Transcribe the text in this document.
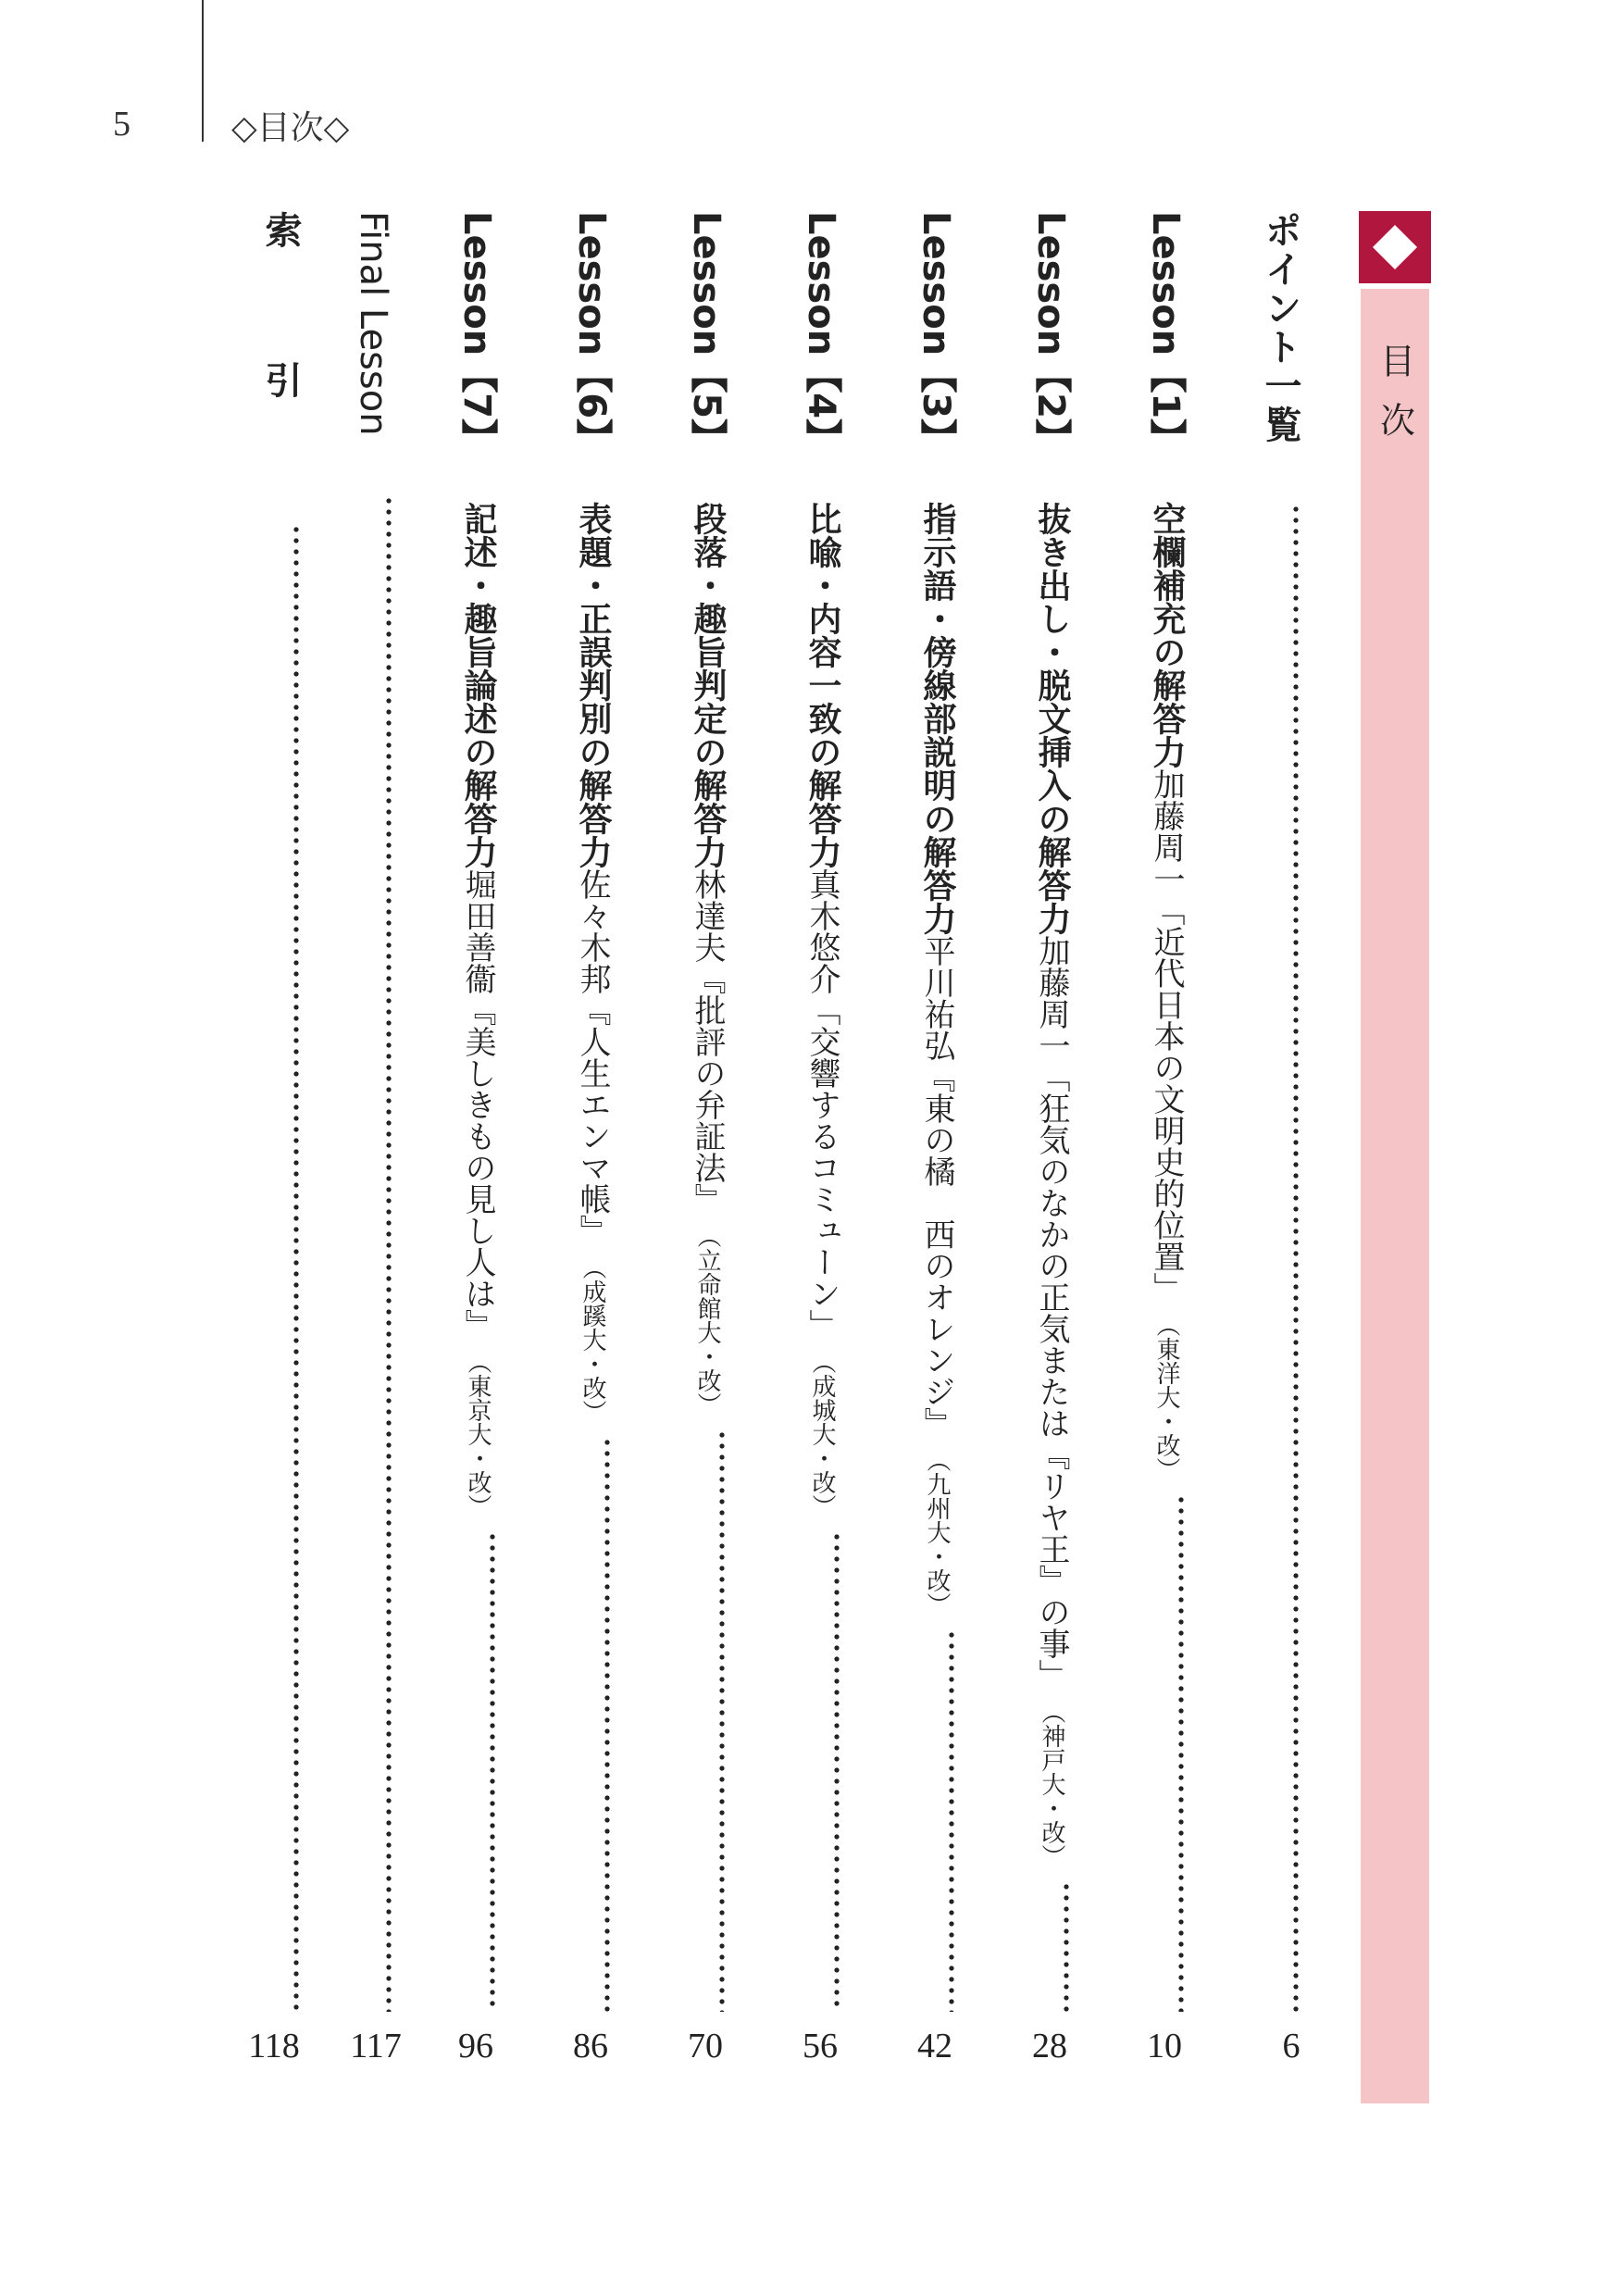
5	◇目次◇
目次
ポイント一覧
Lesson【1】
空欄補充の解答力
加藤周一「近代日本の文明史的位置」
（東洋大・改）
Lesson【2】
抜き出し・脱文挿入の解答力
加藤周一「狂気のなかの正気または『リヤ王』の事」
（神戸大・改）
Lesson【3】
指示語・傍線部説明の解答力
平川祐弘『東の橘　西のオレンジ』
（九州大・改）
Lesson【4】
比喩・内容一致の解答力
真木悠介「交響するコミューン」
（成城大・改）
Lesson【5】
段落・趣旨判定の解答力
林達夫『批評の弁証法』
（立命館大・改）
Lesson【6】
表題・正誤判別の解答力
佐々木邦『人生エンマ帳』
（成蹊大・改）
Lesson【7】
記述・趣旨論述の解答力
堀田善衞『美しきもの見し人は』
（東京大・改）
Final Lesson
索引
6
10
28
42
56
70
86
96
117
118
